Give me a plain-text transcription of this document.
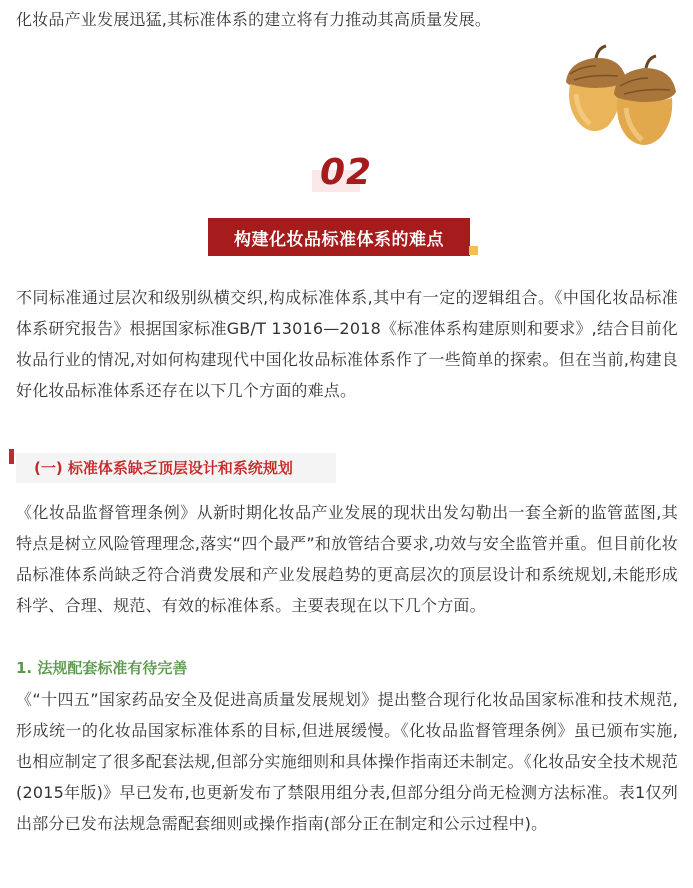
化妆品产业发展迅猛,其标准体系的建立将有力推动其高质量发展。

02
构建化妆品标准体系的难点

不同标准通过层次和级别纵横交织,构成标准体系,其中有一定的逻辑组合。《中国化妆品标准体系研究报告》根据国家标准GB/T 13016—2018《标准体系构建原则和要求》,结合目前化妆品行业的情况,对如何构建现代中国化妆品标准体系作了一些简单的探索。但在当前,构建良好化妆品标准体系还存在以下几个方面的难点。

(一) 标准体系缺乏顶层设计和系统规划

《化妆品监督管理条例》从新时期化妆品产业发展的现状出发勾勒出一套全新的监管蓝图,其特点是树立风险管理理念,落实“四个最严”和放管结合要求,功效与安全监管并重。但目前化妆品标准体系尚缺乏符合消费发展和产业发展趋势的更高层次的顶层设计和系统规划,未能形成科学、合理、规范、有效的标准体系。主要表现在以下几个方面。

1. 法规配套标准有待完善

《“十四五”国家药品安全及促进高质量发展规划》提出整合现行化妆品国家标准和技术规范,形成统一的化妆品国家标准体系的目标,但进展缓慢。《化妆品监督管理条例》虽已颁布实施,也相应制定了很多配套法规,但部分实施细则和具体操作指南还未制定。《化妆品安全技术规范(2015年版)》早已发布,也更新发布了禁限用组分表,但部分组分尚无检测方法标准。表1仅列出部分已发布法规急需配套细则或操作指南(部分正在制定和公示过程中)。
